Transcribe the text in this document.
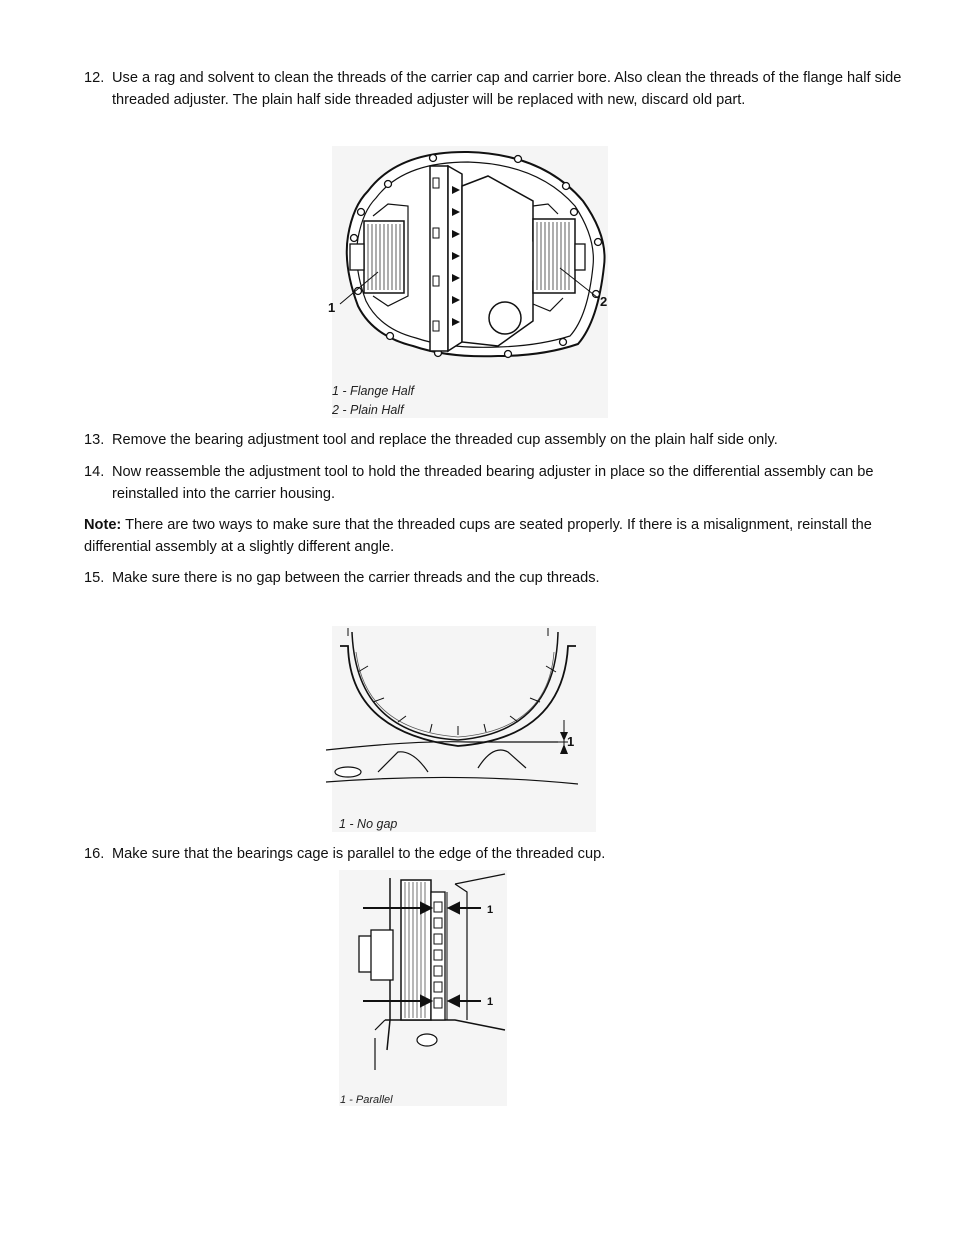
12. Use a rag and solvent to clean the threads of the carrier cap and carrier bore. Also clean the threads of the flange half side threaded adjuster. The plain half side threaded adjuster will be replaced with new, discard old part.
1	2
1 - Flange Half
2 - Plain Half
13. Remove the bearing adjustment tool and replace the threaded cup assembly on the plain half side only.
14. Now reassemble the adjustment tool to hold the threaded bearing adjuster in place so the differential assembly can be reinstalled into the carrier housing.
Note: There are two ways to make sure that the threaded cups are seated properly. If there is a misalignment, reinstall the differential assembly at a slightly different angle.
15. Make sure there is no gap between the carrier threads and the cup threads.
1
1 - No gap
16. Make sure that the bearings cage is parallel to the edge of the threaded cup.
1
1
1 - Parallel
